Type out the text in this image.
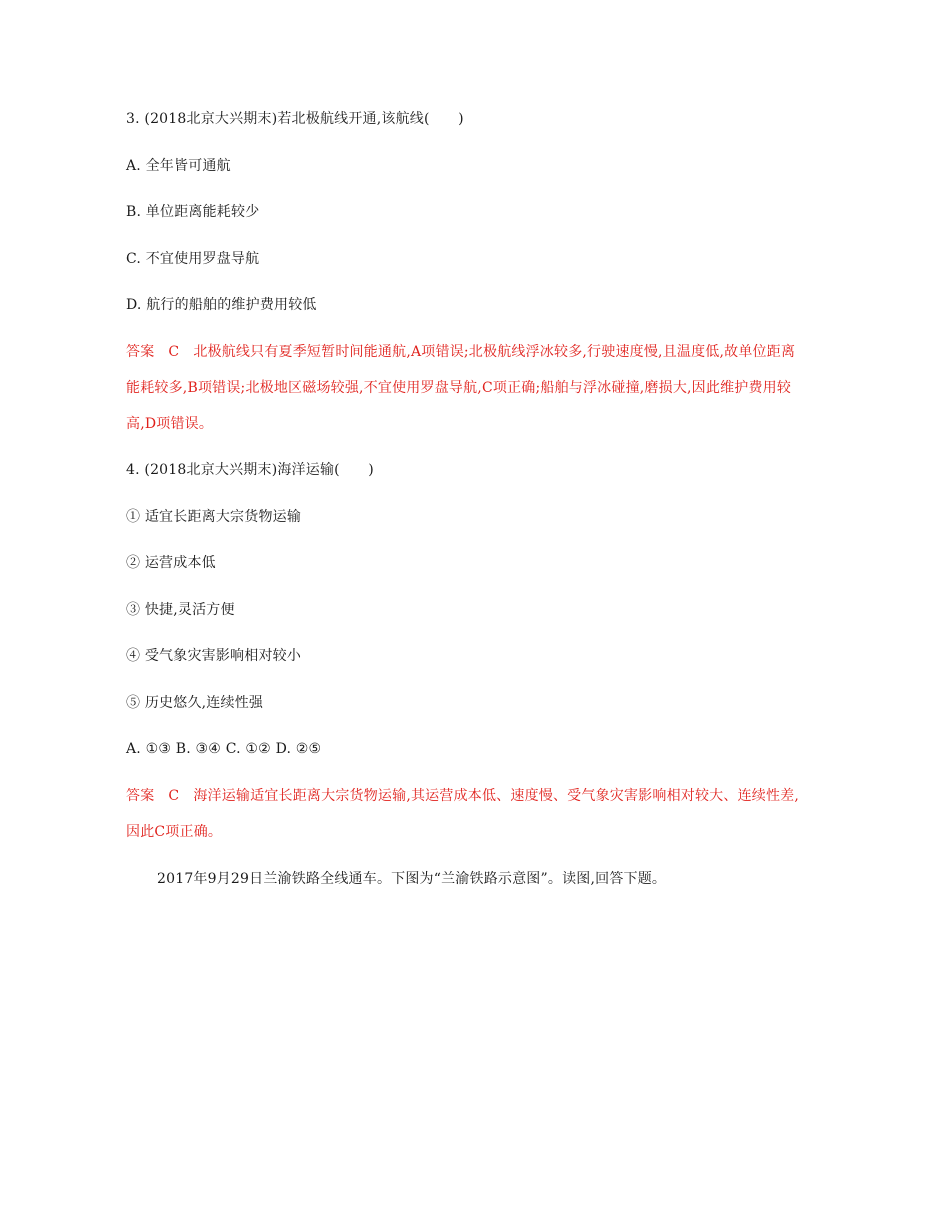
3. (2018北京大兴期末)若北极航线开通,该航线(　　)
A. 全年皆可通航
B. 单位距离能耗较少
C. 不宜使用罗盘导航
D. 航行的船舶的维护费用较低
答案 C 北极航线只有夏季短暂时间能通航,A项错误;北极航线浮冰较多,行驶速度慢,且温度低,故单位距离
能耗较多,B项错误;北极地区磁场较强,不宜使用罗盘导航,C项正确;船舶与浮冰碰撞,磨损大,因此维护费用较
高,D项错误。
4. (2018北京大兴期末)海洋运输(　　)
① 适宜长距离大宗货物运输
② 运营成本低
③ 快捷,灵活方便
④ 受气象灾害影响相对较小
⑤ 历史悠久,连续性强
A. ①③ B. ③④ C. ①② D. ②⑤
答案 C 海洋运输适宜长距离大宗货物运输,其运营成本低、速度慢、受气象灾害影响相对较大、连续性差,
因此C项正确。
2017年9月29日兰渝铁路全线通车。下图为“兰渝铁路示意图”。读图,回答下题。
